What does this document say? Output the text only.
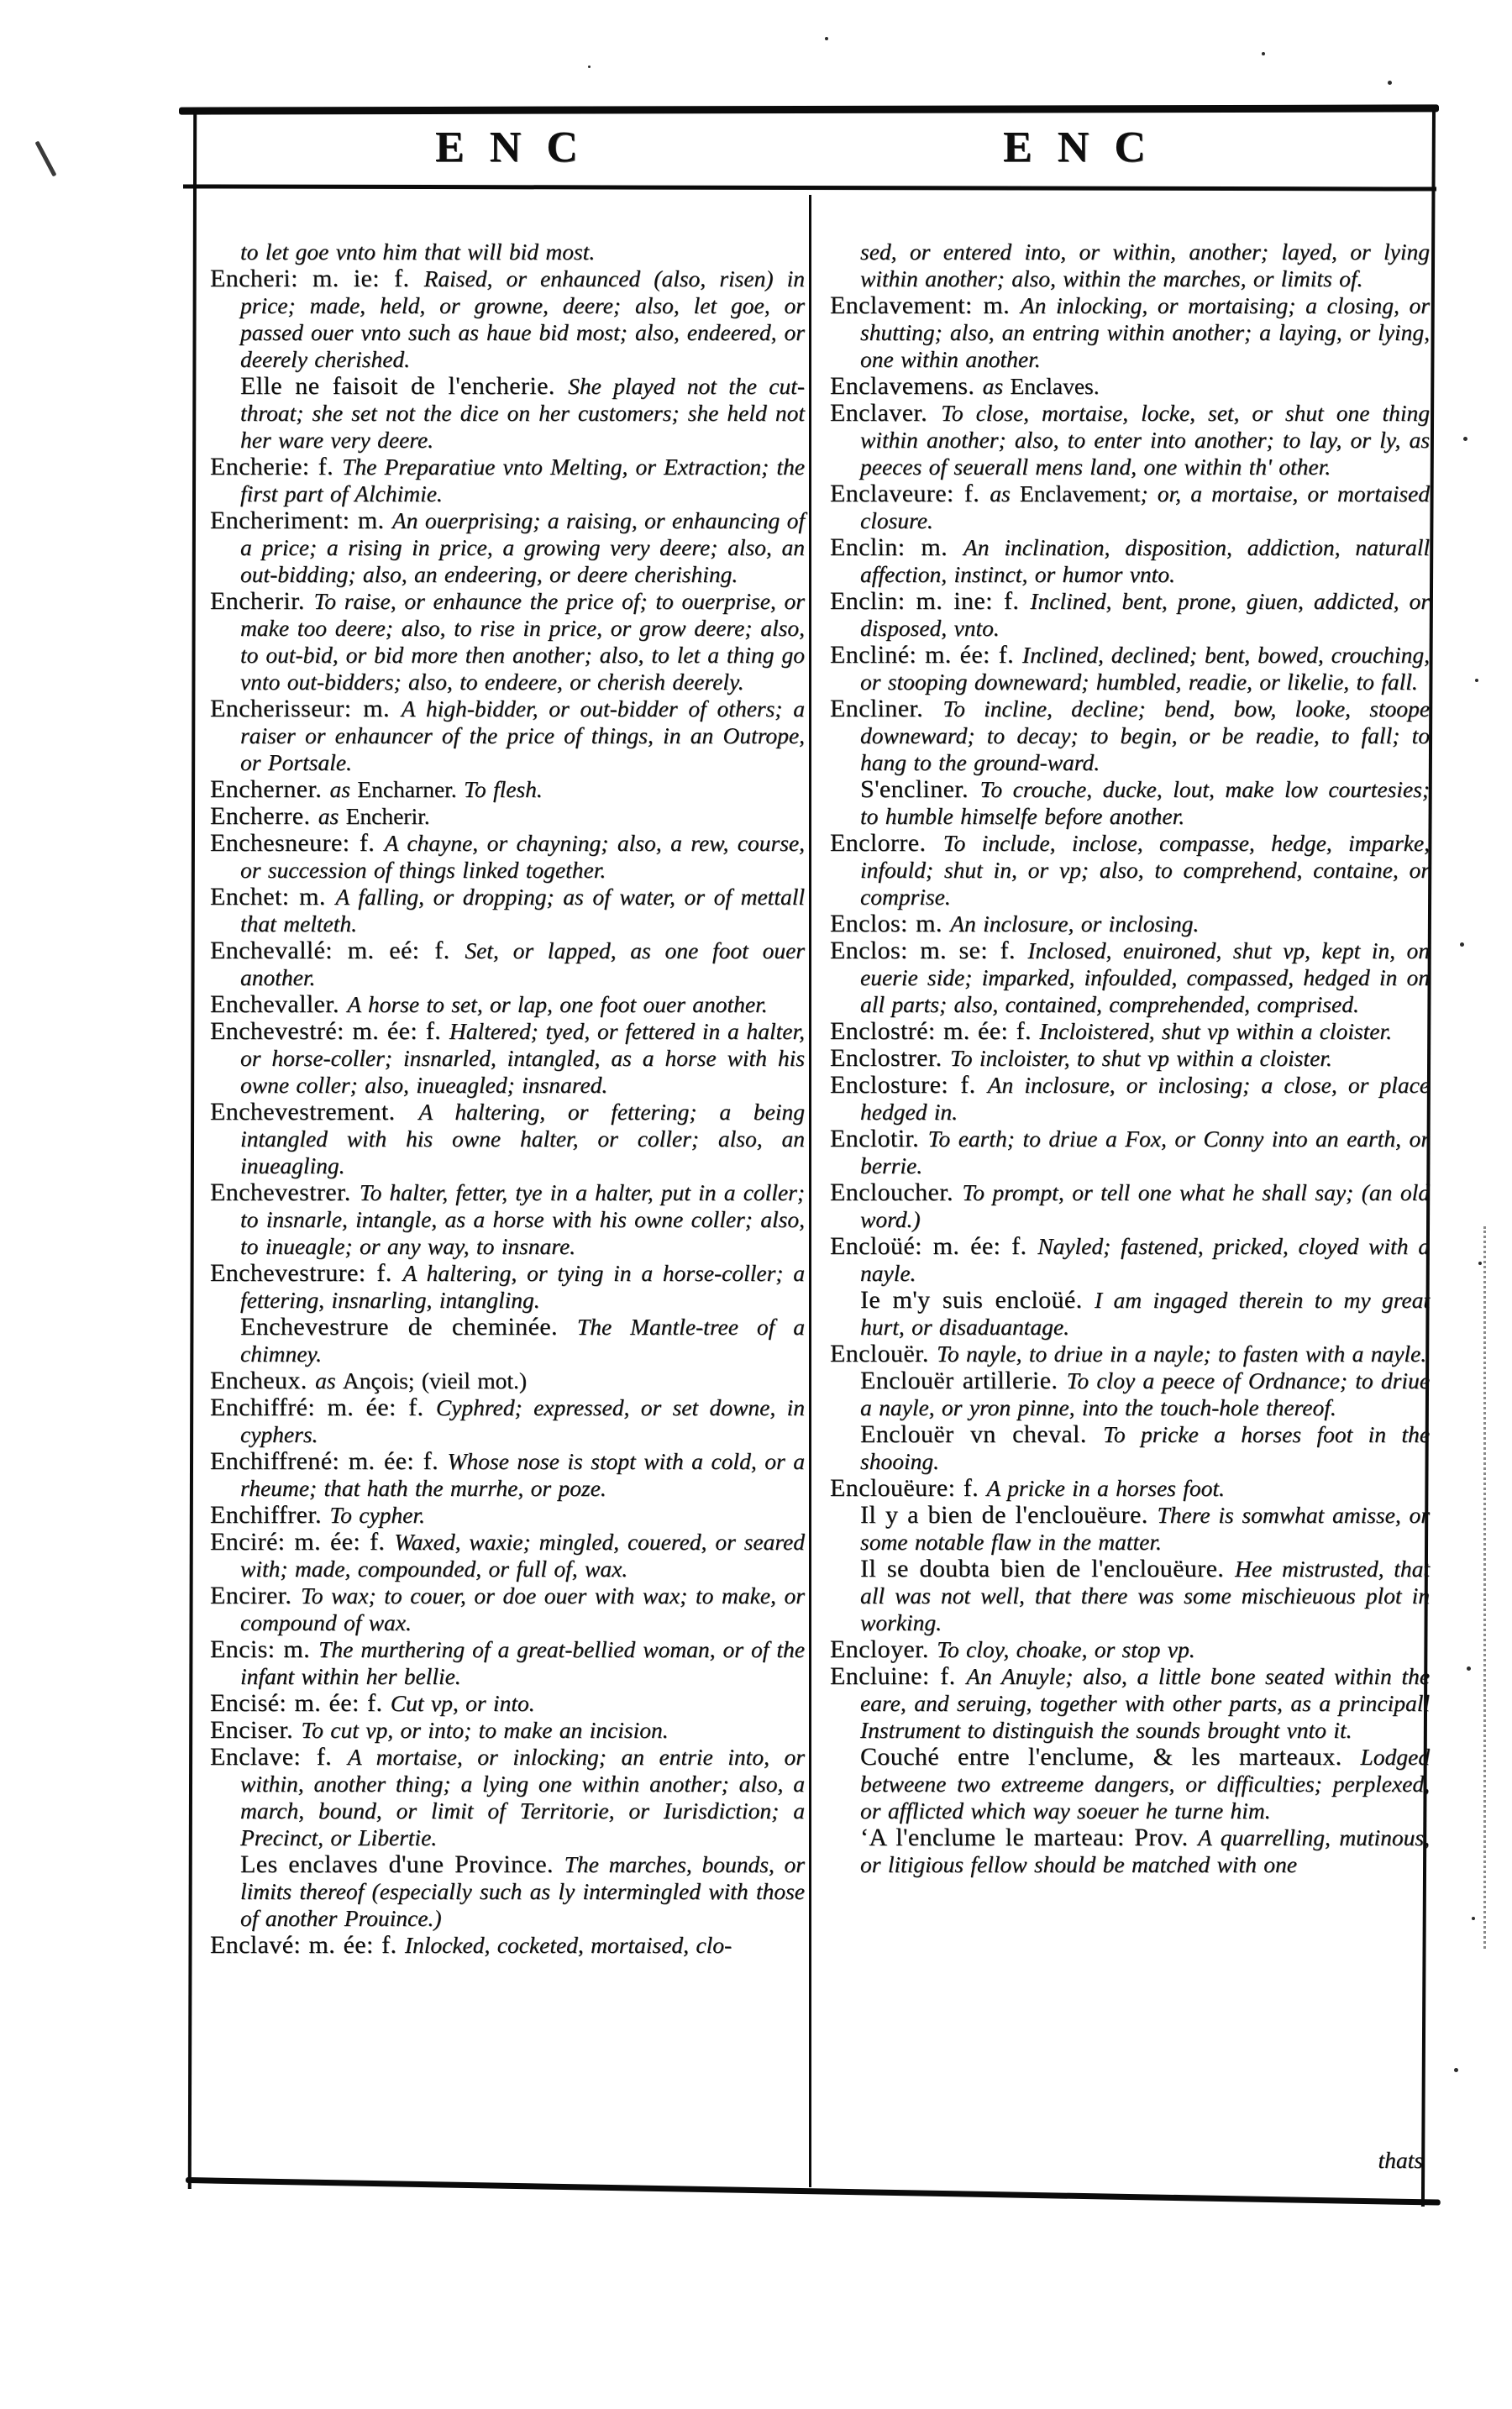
ENC	ENC

to let goe vnto him that will bid most.

Encheri: m. ie: f. Raised, or enhaunced (also, risen) in price; made, held, or growne, deere; also, let goe, or passed ouer vnto such as haue bid most; also, endeered, or deerely cherished.

Elle ne faisoit de l'encherie. She played not the cut-throat; she set not the dice on her customers; she held not her ware very deere.

Encherie: f. The Preparatiue vnto Melting, or Extraction; the first part of Alchimie.

Encheriment: m. An ouerprising; a raising, or enhauncing of a price; a rising in price, a growing very deere; also, an out-bidding; also, an endeering, or deere cherishing.

Encherir. To raise, or enhaunce the price of; to ouerprise, or make too deere; also, to rise in price, or grow deere; also, to out-bid, or bid more then another; also, to let a thing go vnto out-bidders; also, to endeere, or cherish deerely.

Encherisseur: m. A high-bidder, or out-bidder of others; a raiser or enhauncer of the price of things, in an Outrope, or Portsale.

Encherner. as Encharner. To flesh.

Encherre. as Encherir.

Enchesneure: f. A chayne, or chayning; also, a rew, course, or succession of things linked together.

Enchet: m. A falling, or dropping; as of water, or of mettall that melteth.

Enchevallé: m. eé: f. Set, or lapped, as one foot ouer another.

Enchevaller. A horse to set, or lap, one foot ouer another.

Enchevestré: m. ée: f. Haltered; tyed, or fettered in a halter, or horse-coller; insnarled, intangled, as a horse with his owne coller; also, inueagled; insnared.

Enchevestrement. A haltering, or fettering; a being intangled with his owne halter, or coller; also, an inueagling.

Enchevestrer. To halter, fetter, tye in a halter, put in a coller; to insnarle, intangle, as a horse with his owne coller; also, to inueagle; or any way, to insnare.

Enchevestrure: f. A haltering, or tying in a horse-coller; a fettering, insnarling, intangling.

Enchevestrure de cheminée. The Mantle-tree of a chimney.

Encheux. as Ançois; (vieil mot.)

Enchiffré: m. ée: f. Cyphred; expressed, or set downe, in cyphers.

Enchiffrené: m. ée: f. Whose nose is stopt with a cold, or a rheume; that hath the murrhe, or poze.

Enchiffrer. To cypher.

Enciré: m. ée: f. Waxed, waxie; mingled, couered, or seared with; made, compounded, or full of, wax.

Encirer. To wax; to couer, or doe ouer with wax; to make, or compound of wax.

Encis: m. The murthering of a great-bellied woman, or of the infant within her bellie.

Encisé: m. ée: f. Cut vp, or into.

Enciser. To cut vp, or into; to make an incision.

Enclave: f. A mortaise, or inlocking; an entrie into, or within, another thing; a lying one within another; also, a march, bound, or limit of Territorie, or Iurisdiction; a Precinct, or Libertie.

Les enclaves d'une Province. The marches, bounds, or limits thereof (especially such as ly intermingled with those of another Prouince.)

Enclavé: m. ée: f. Inlocked, cocketed, mortaised, clo-

sed, or entered into, or within, another; layed, or lying within another; also, within the marches, or limits of.

Enclavement: m. An inlocking, or mortaising; a closing, or shutting; also, an entring within another; a laying, or lying, one within another.

Enclavemens. as Enclaves.

Enclaver. To close, mortaise, locke, set, or shut one thing within another; also, to enter into another; to lay, or ly, as peeces of seuerall mens land, one within th' other.

Enclaveure: f. as Enclavement; or, a mortaise, or mortaised closure.

Enclin: m. An inclination, disposition, addiction, naturall affection, instinct, or humor vnto.

Enclin: m. ine: f. Inclined, bent, prone, giuen, addicted, or disposed, vnto.

Encliné: m. ée: f. Inclined, declined; bent, bowed, crouching, or stooping downeward; humbled, readie, or likelie, to fall.

Encliner. To incline, decline; bend, bow, looke, stoope downeward; to decay; to begin, or be readie, to fall; to hang to the ground-ward.

S'encliner. To crouche, ducke, lout, make low courtesies; to humble himselfe before another.

Enclorre. To include, inclose, compasse, hedge, imparke, infould; shut in, or vp; also, to comprehend, containe, or comprise.

Enclos: m. An inclosure, or inclosing.

Enclos: m. se: f. Inclosed, enuironed, shut vp, kept in, on euerie side; imparked, infoulded, compassed, hedged in on all parts; also, contained, comprehended, comprised.

Enclostré: m. ée: f. Incloistered, shut vp within a cloister.

Enclostrer. To incloister, to shut vp within a cloister.

Enclosture: f. An inclosure, or inclosing; a close, or place hedged in.

Enclotir. To earth; to driue a Fox, or Conny into an earth, or berrie.

Encloucher. To prompt, or tell one what he shall say; (an old word.)

Encloüé: m. ée: f. Nayled; fastened, pricked, cloyed with a nayle.

Ie m'y suis encloüé. I am ingaged therein to my great hurt, or disaduantage.

Enclouër. To nayle, to driue in a nayle; to fasten with a nayle.

Enclouër artillerie. To cloy a peece of Ordnance; to driue a nayle, or yron pinne, into the touch-hole thereof.

Enclouër vn cheval. To pricke a horses foot in the shooing.

Enclouëure: f. A pricke in a horses foot.

Il y a bien de l'enclouëure. There is somwhat amisse, or some notable flaw in the matter.

Il se doubta bien de l'enclouëure. Hee mistrusted, that all was not well, that there was some mischieuous plot in working.

Encloyer. To cloy, choake, or stop vp.

Encluine: f. An Anuyle; also, a little bone seated within the eare, and seruing, together with other parts, as a principall Instrument to distinguish the sounds brought vnto it.

Couché entre l'enclume, & les marteaux. Lodged betweene two extreeme dangers, or difficulties; perplexed, or afflicted which way soeuer he turne him.

‘A l'enclume le marteau: Prov. A quarrelling, mutinous, or litigious fellow should be matched with one

thats
